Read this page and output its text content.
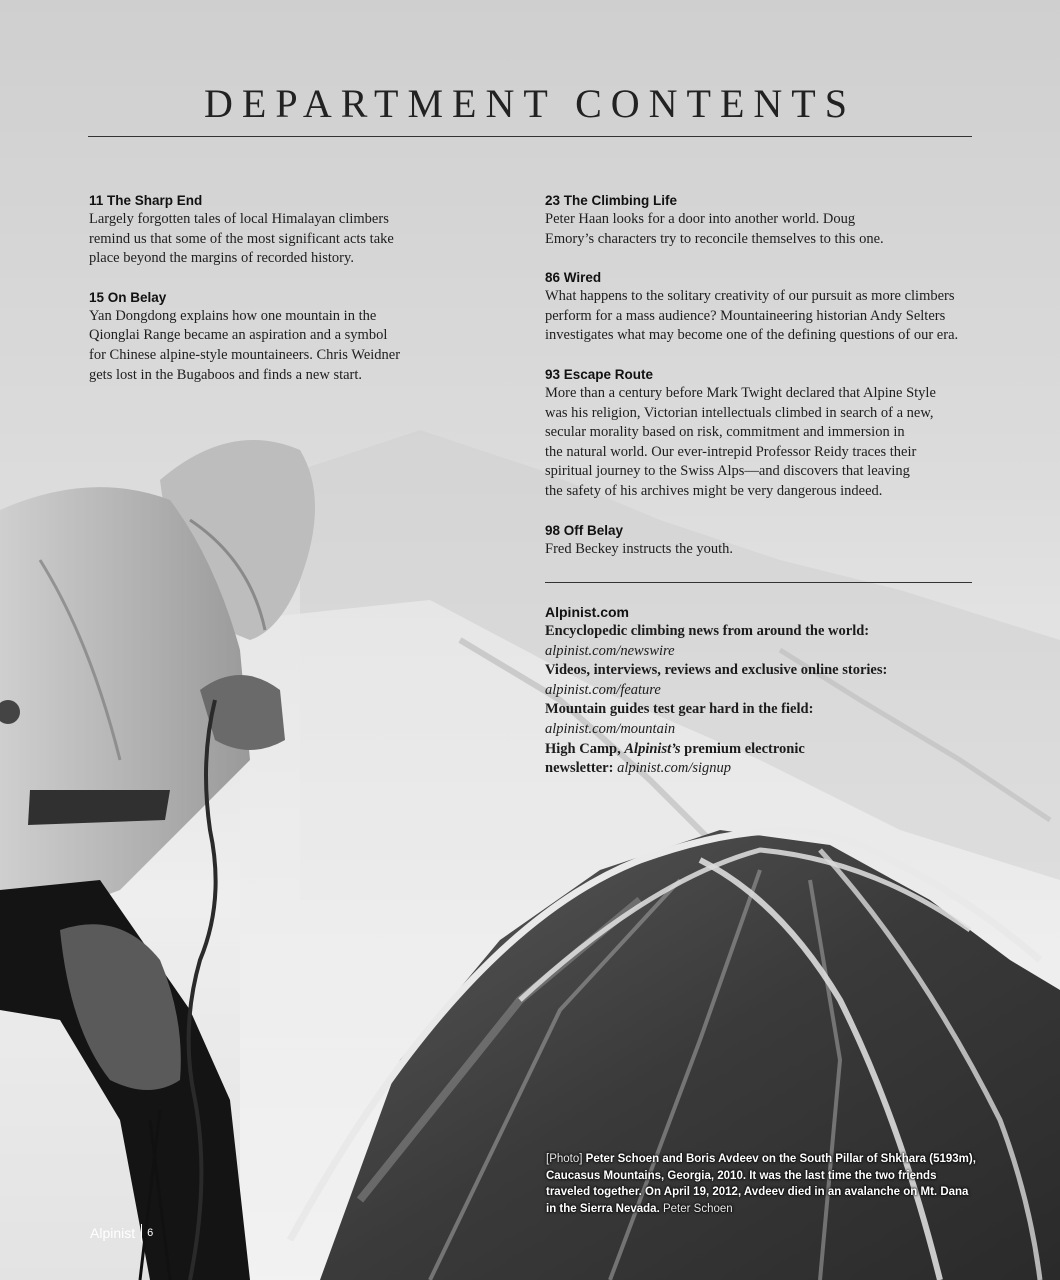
DEPARTMENT CONTENTS
11 The Sharp End

Largely forgotten tales of local Himalayan climbers
remind us that some of the most significant acts take
place beyond the margins of recorded history.

15 On Belay

Yan Dongdong explains how one mountain in the
Qionglai Range became an aspiration and a symbol
for Chinese alpine-style mountaineers. Chris Weidner
gets lost in the Bugaboos and finds a new start.

23 The Climbing Life

Peter Haan looks for a door into another world. Doug
Emory’s characters try to reconcile themselves to this one.

86 Wired

What happens to the solitary creativity of our pursuit as more climbers
perform for a mass audience? Mountaineering historian Andy Selters
investigates what may become one of the defining questions of our era.

93 Escape Route

More than a century before Mark Twight declared that Alpine Style
was his religion, Victorian intellectuals climbed in search of a new,
secular morality based on risk, commitment and immersion in
the natural world. Our ever-intrepid Professor Reidy traces their
spiritual journey to the Swiss Alps—and discovers that leaving
the safety of his archives might be very dangerous indeed.

98 Off Belay

Fred Beckey instructs the youth.

Alpinist.com

Encyclopedic climbing news from around the world:

alpinist.com/newswire

Videos, interviews, reviews and exclusive online stories:

alpinist.com/feature

Mountain guides test gear hard in the field:

alpinist.com/mountain

High Camp, Alpinist’s premium electronic

newsletter: alpinist.com/signup

[Photo] Peter Schoen and Boris Avdeev on the South Pillar of Shkhara (5193m), Caucasus Mountains, Georgia, 2010. It was the last time the two friends traveled together. On April 19, 2012, Avdeev died in an avalanche on Mt. Dana in the Sierra Nevada. Peter Schoen
Alpinist 6
